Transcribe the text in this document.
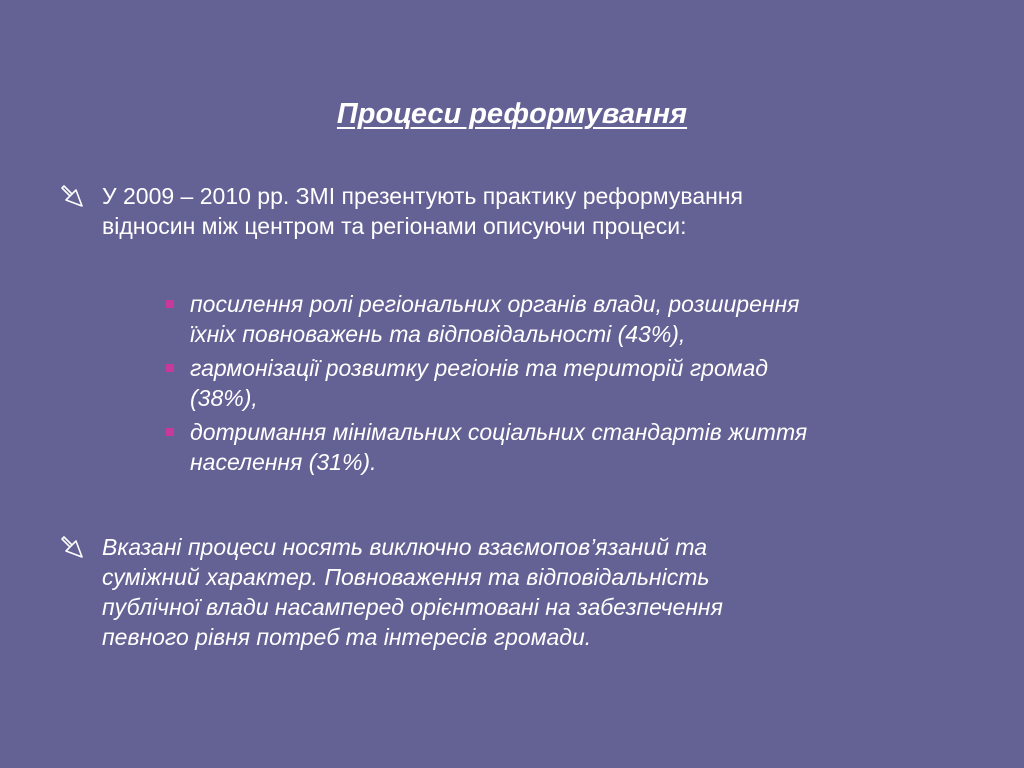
Процеси реформування
У 2009 – 2010 рр. ЗМІ презентують практику реформування
відносин між центром та регіонами описуючи процеси:
посилення ролі регіональних органів влади, розширення
їхніх повноважень та відповідальності (43%),
гармонізації розвитку регіонів та територій громад
(38%),
дотримання мінімальних соціальних стандартів життя
населення (31%).
Вказані процеси носять виключно взаємопов’язаний та
суміжний характер. Повноваження та відповідальність
публічної влади насамперед орієнтовані на забезпечення
певного рівня потреб та інтересів громади.
